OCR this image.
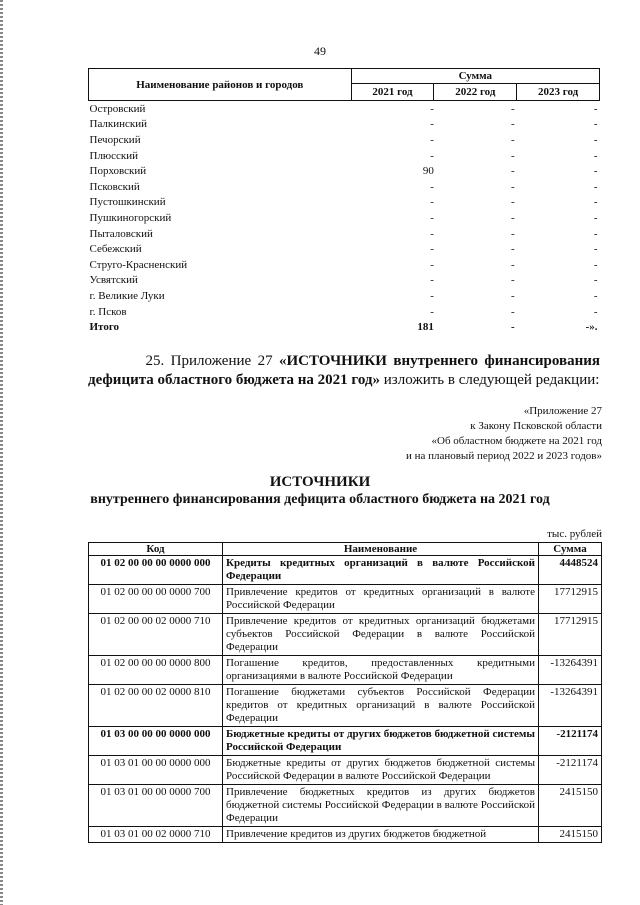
49
Наименование районов и городов	Сумма		
	2021 год	2022 год	2023 год
Островский	-	-	-
Палкинский	-	-	-
Печорский	-	-	-
Плюсский	-	-	-
Порховский	90	-	-
Псковский	-	-	-
Пустошкинский	-	-	-
Пушкиногорский	-	-	-
Пыталовский	-	-	-
Себежский	-	-	-
Струго-Красненский	-	-	-
Усвятский	-	-	-
г. Великие Луки	-	-	-
г. Псков	-	-	-
Итого	181	-	-».
25. Приложение 27 «ИСТОЧНИКИ внутреннего финансирования дефицита областного бюджета на 2021 год» изложить в следующей редакции:
«Приложение 27
к Закону Псковской области
«Об областном бюджете на 2021 год
и на плановый период 2022 и 2023 годов»
ИСТОЧНИКИ
внутреннего финансирования дефицита областного бюджета на 2021 год
тыс. рублей
Код	Наименование	Сумма
01 02 00 00 00 0000 000	Кредиты кредитных организаций в валюте Российской Федерации	4448524
01 02 00 00 00 0000 700	Привлечение кредитов от кредитных организаций в валюте Российской Федерации	17712915
01 02 00 00 02 0000 710	Привлечение кредитов от кредитных организаций бюджетами субъектов Российской Федерации в валюте Российской Федерации	17712915
01 02 00 00 00 0000 800	Погашение кредитов, предоставленных кредитными организациями в валюте Российской Федерации	-13264391
01 02 00 00 02 0000 810	Погашение бюджетами субъектов Российской Федерации кредитов от кредитных организаций в валюте Российской Федерации	-13264391
01 03 00 00 00 0000 000	Бюджетные кредиты от других бюджетов бюджетной системы Российской Федерации	-2121174
01 03 01 00 00 0000 000	Бюджетные кредиты от других бюджетов бюджетной системы Российской Федерации в валюте Российской Федерации	-2121174
01 03 01 00 00 0000 700	Привлечение бюджетных кредитов из других бюджетов бюджетной системы Российской Федерации в валюте Российской Федерации	2415150
01 03 01 00 02 0000 710	Привлечение кредитов из других бюджетов бюджетной	2415150
